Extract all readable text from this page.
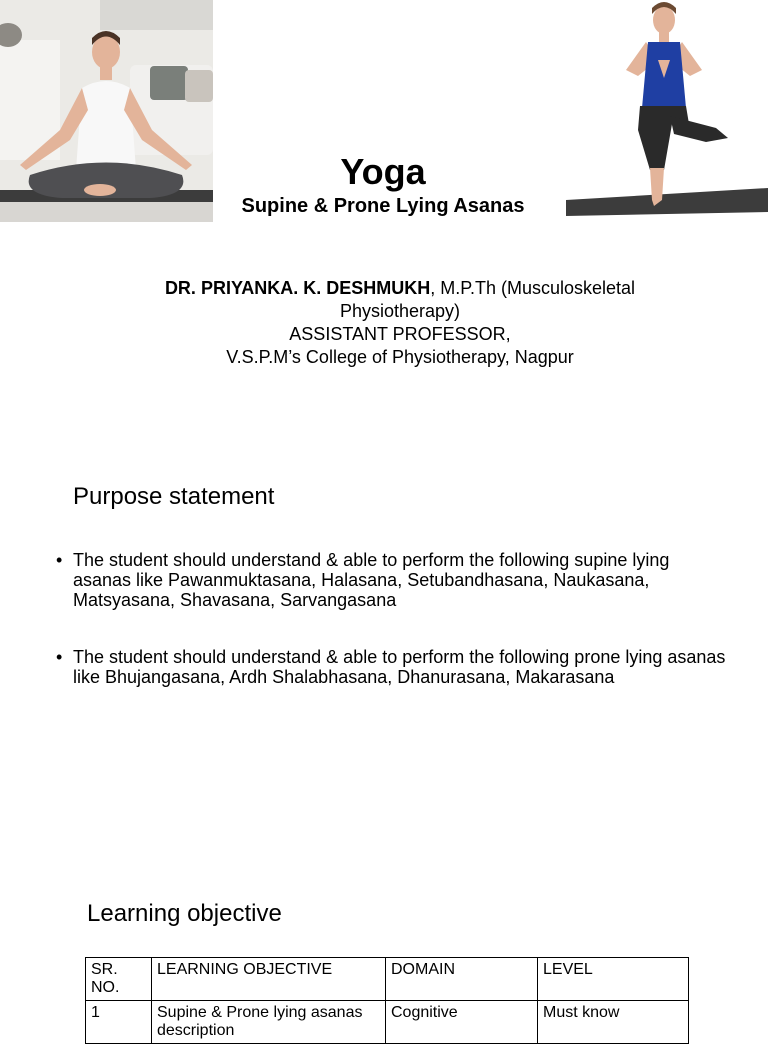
Yoga
Supine & Prone Lying Asanas
DR. PRIYANKA. K. DESHMUKH, M.P.Th (Musculoskeletal
Physiotherapy)
ASSISTANT PROFESSOR,
V.S.P.M’s College of Physiotherapy, Nagpur
Purpose statement
• The student should understand & able to perform the following supine lying asanas like Pawanmuktasana, Halasana, Setubandhasana, Naukasana, Matsyasana, Shavasana, Sarvangasana
• The student should understand & able to perform the following prone lying asanas like Bhujangasana, Ardh Shalabhasana, Dhanurasana, Makarasana
Learning objective
SR. NO.	LEARNING OBJECTIVE	DOMAIN	LEVEL
1	Supine & Prone lying asanas description	Cognitive	Must know
